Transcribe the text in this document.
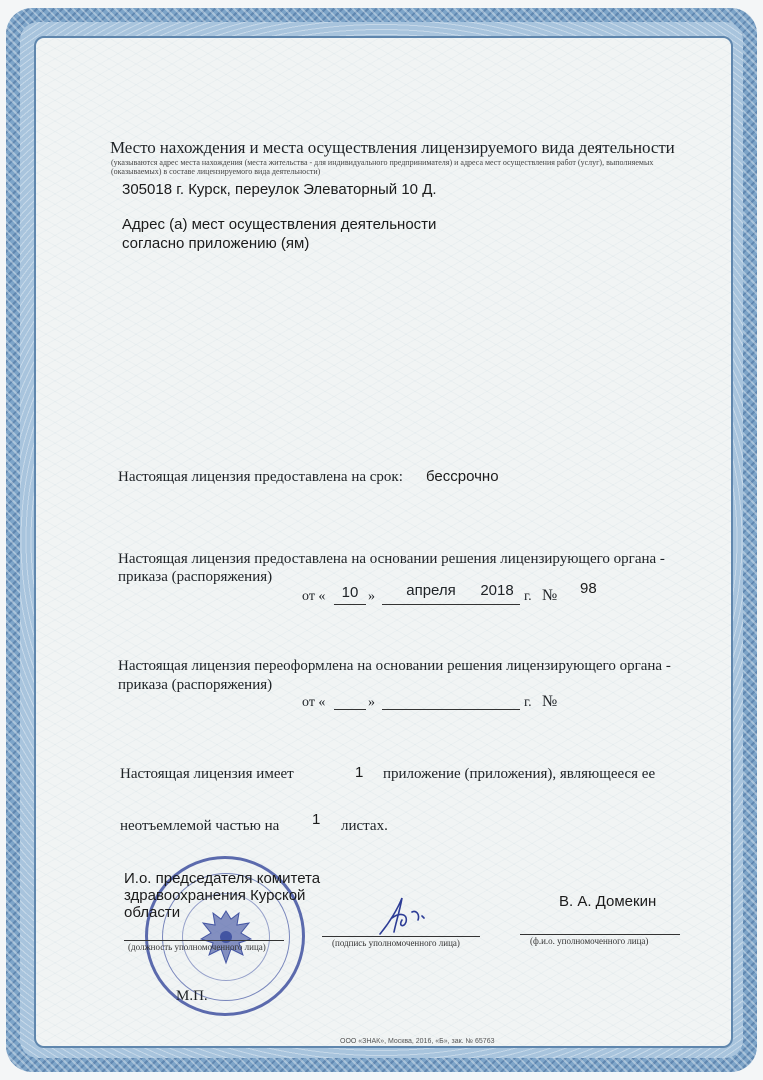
Место нахождения и места осуществления лицензируемого вида деятельности
(указываются адрес места нахождения (места жительства - для индивидуального предпринимателя) и адреса мест осуществления работ (услуг), выполняемых
(оказываемых) в составе лицензируемого вида деятельности)
305018 г. Курск, переулок Элеваторный 10 Д.
Адрес (а) мест осуществления деятельности
согласно приложению (ям)
Настоящая лицензия предоставлена на срок: бессрочно
Настоящая лицензия предоставлена на основании решения лицензирующего органа -
приказа (распоряжения)
от «	10 »	апреля	2018 г. № 98
Настоящая лицензия переоформлена на основании решения лицензирующего органа -
приказа (распоряжения)
от «	»	г. №
Настоящая лицензия имеет	1 приложение (приложения), являющееся ее
неотъемлемой частью на 1 листах.
И.о. председателя комитета
здравоохранения Курской
области
В. А. Домекин
(должность уполномоченного лица)	(подпись уполномоченного лица)	(ф.и.о. уполномоченного лица)
М.П.
ООО «ЗНАК», Москва, 2016, «Б», зак. № 65763
